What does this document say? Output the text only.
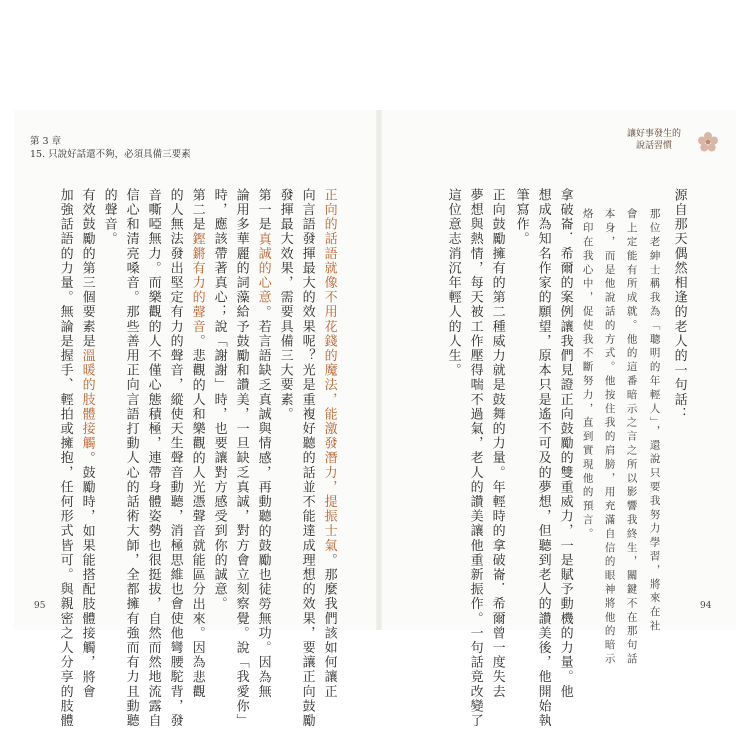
第 3 章
15. 只說好話還不夠，必須具備三要素
讓好事發生的
說話習慣
源自那天偶然相逢的老人的一句話：
那位老紳士稱我為「聰明的年輕人」，還說只要我努力學習，將來在社
會上定能有所成就。他的這番暗示之言之所以影響我終生，關鍵不在那句話
本身，而是他說話的方式。他按住我的肩膀，用充滿自信的眼神將他的暗示
烙印在我心中，促使我不斷努力，直到實現他的預言。
拿破崙．希爾的案例讓我們見證正向鼓勵的雙重威力，一是賦予動機的力量。他
想成為知名作家的願望，原本只是遙不可及的夢想，但聽到老人的讚美後，他開始執
筆寫作。
正向鼓勵擁有的第二種威力就是鼓舞的力量。年輕時的拿破崙．希爾曾一度失去
夢想與熱情，每天被工作壓得喘不過氣，老人的讚美讓他重新振作。一句話竟改變了
這位意志消沉年輕人的人生。
正向的話語就像不用花錢的魔法，能激發潛力，提振士氣。那麼我們該如何讓正
向言語發揮最大的效果呢？光是重複好聽的話並不能達成理想的效果，要讓正向鼓勵
發揮最大效果，需要具備三大要素。
第一是真誠的心意。若言語缺乏真誠與情感，再動聽的鼓勵也徒勞無功。因為無
論用多華麗的詞藻給予鼓勵和讚美，一旦缺乏真誠，對方會立刻察覺。說「我愛你」
時，應該帶著真心；說「謝謝」時，也要讓對方感受到你的誠意。
第二是鏗鏘有力的聲音。悲觀的人和樂觀的人光憑聲音就能區分出來。因為悲觀
的人無法發出堅定有力的聲音，縱使天生聲音動聽，消極思維也會使他彎腰駝背，發
音嘶啞無力。而樂觀的人不僅心態積極，連帶身體姿勢也很挺拔，自然而然地流露自
信心和清亮嗓音。那些善用正向言語打動人心的話術大師，全都擁有強而有力且動聽
的聲音。
有效鼓勵的第三個要素是溫暖的肢體接觸。鼓勵時，如果能搭配肢體接觸，將會
加強話語的力量。無論是握手、輕拍或擁抱，任何形式皆可。與親密之人分享的肢體
95	94
